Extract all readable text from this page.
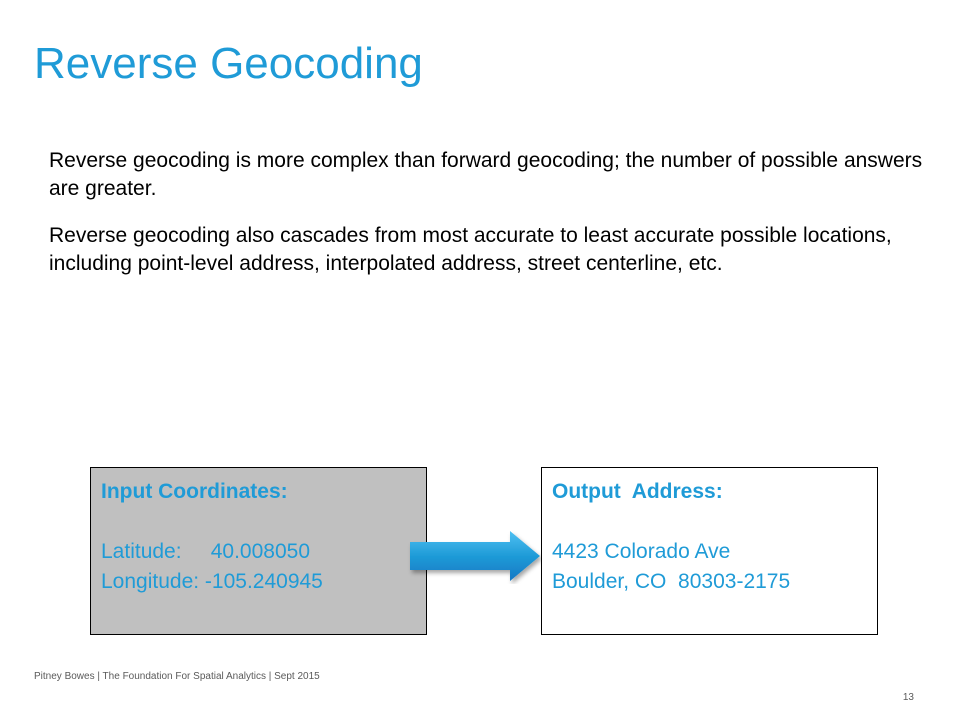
Reverse Geocoding

Reverse geocoding is more complex than forward geocoding; the number of possible answers are greater.

Reverse geocoding also cascades from most accurate to least accurate possible locations, including point-level address, interpolated address, street centerline, etc.

Input Coordinates:
Latitude:     40.008050
Longitude: -105.240945
Output  Address:
4423 Colorado Ave
Boulder, CO  80303-2175
Pitney Bowes | The Foundation For Spatial Analytics | Sept 2015
13
